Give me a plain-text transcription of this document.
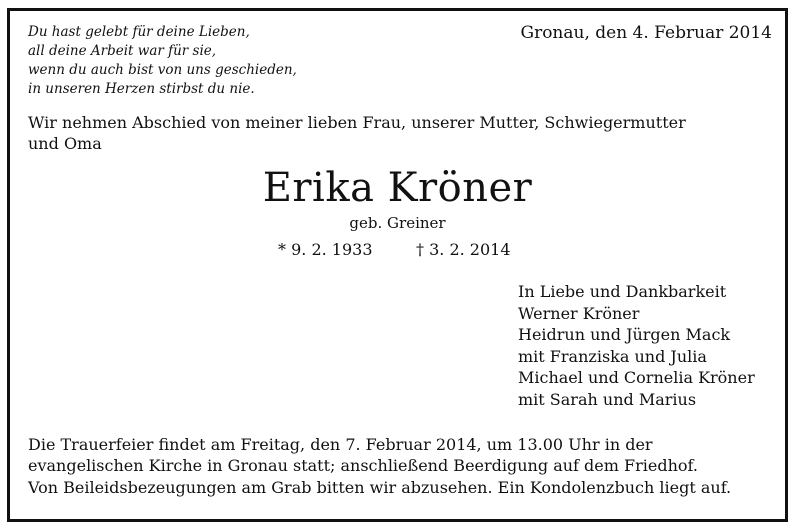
Du hast gelebt für deine Lieben,
all deine Arbeit war für sie,
wenn du auch bist von uns geschieden,
in unseren Herzen stirbst du nie.
Gronau, den 4. Februar 2014
Wir nehmen Abschied von meiner lieben Frau, unserer Mutter, Schwiegermutter
und Oma
Erika Kröner
geb. Greiner
* 9. 2. 1933	† 3. 2. 2014
In Liebe und Dankbarkeit
Werner Kröner
Heidrun und Jürgen Mack
mit Franziska und Julia
Michael und Cornelia Kröner
mit Sarah und Marius
Die Trauerfeier findet am Freitag, den 7. Februar 2014, um 13.00 Uhr in der
evangelischen Kirche in Gronau statt; anschließend Beerdigung auf dem Friedhof.
Von Beileidsbezeugungen am Grab bitten wir abzusehen. Ein Kondolenzbuch liegt auf.
